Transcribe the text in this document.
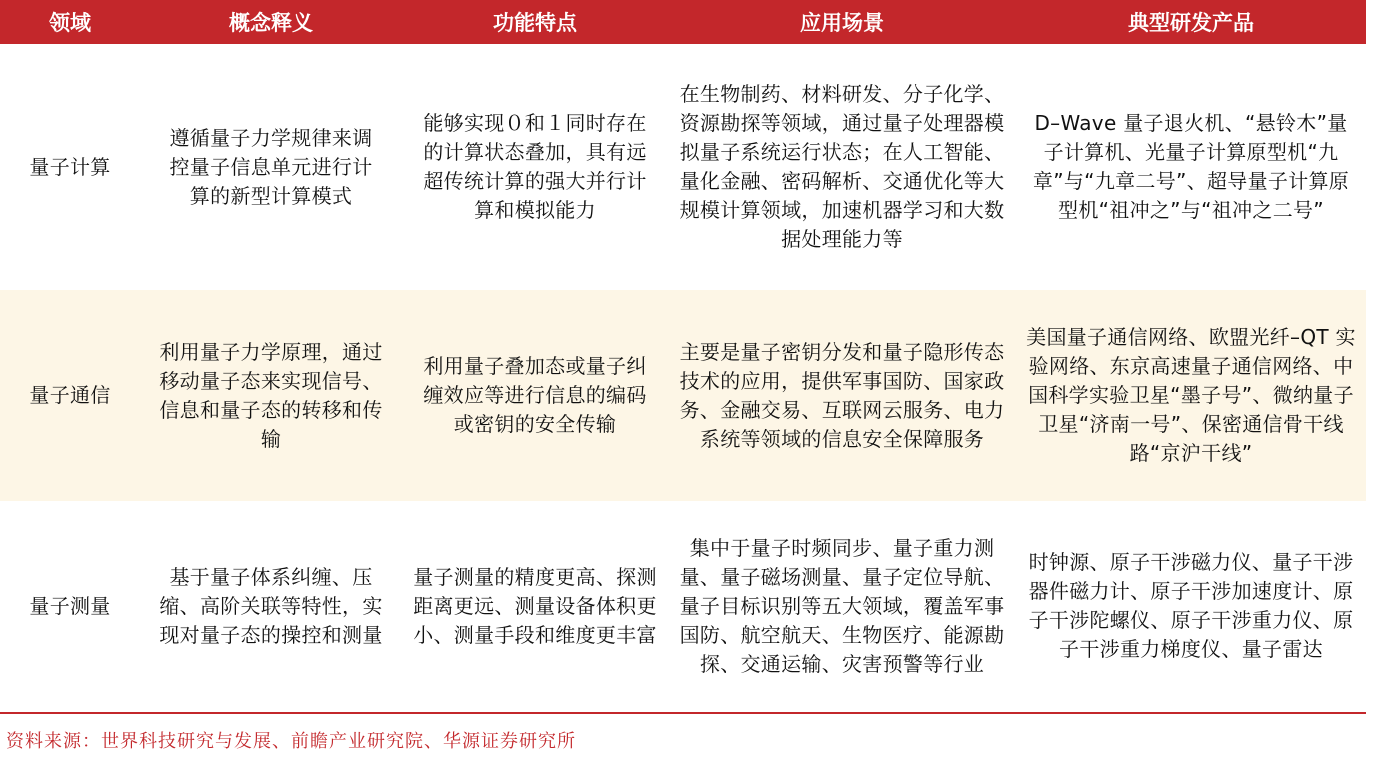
领域	概念释义	功能特点	应用场景	典型研发产品
量子计算	遵循量子力学规律来调控量子信息单元进行计算的新型计算模式	能够实现０和１同时存在的计算状态叠加，具有远超传统计算的强大并行计算和模拟能力	在生物制药、材料研发、分子化学、资源勘探等领域，通过量子处理器模拟量子系统运行状态；在人工智能、量化金融、密码解析、交通优化等大规模计算领域，加速机器学习和大数据处理能力等	D–Wave 量子退火机、“悬铃木”量子计算机、光量子计算原型机“九章”与“九章二号”、超导量子计算原型机“祖冲之”与“祖冲之二号”
量子通信	利用量子力学原理，通过移动量子态来实现信号、信息和量子态的转移和传输	利用量子叠加态或量子纠缠效应等进行信息的编码或密钥的安全传输	主要是量子密钥分发和量子隐形传态技术的应用，提供军事国防、国家政务、金融交易、互联网云服务、电力系统等领域的信息安全保障服务	美国量子通信网络、欧盟光纤–QT 实验网络、东京高速量子通信网络、中国科学实验卫星“墨子号”、微纳量子卫星“济南一号”、保密通信骨干线路“京沪干线”
量子测量	基于量子体系纠缠、压缩、高阶关联等特性，实现对量子态的操控和测量	量子测量的精度更高、探测距离更远、测量设备体积更小、测量手段和维度更丰富	集中于量子时频同步、量子重力测量、量子磁场测量、量子定位导航、量子目标识别等五大领域，覆盖军事国防、航空航天、生物医疗、能源勘探、交通运输、灾害预警等行业	时钟源、原子干涉磁力仪、量子干涉器件磁力计、原子干涉加速度计、原子干涉陀螺仪、原子干涉重力仪、原子干涉重力梯度仪、量子雷达
资料来源：世界科技研究与发展、前瞻产业研究院、华源证券研究所
